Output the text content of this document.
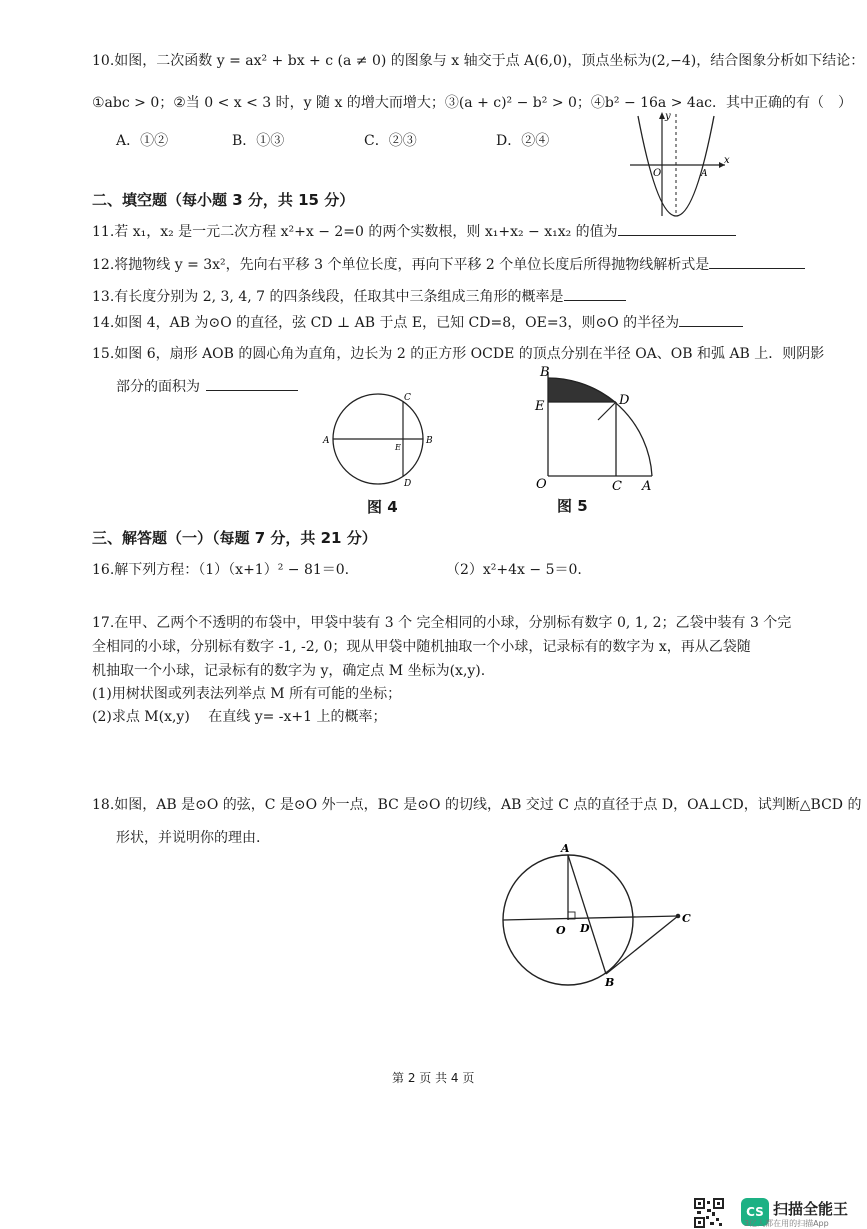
10.如图，二次函数 y = ax² + bx + c (a ≠ 0) 的图象与 x 轴交于点 A(6,0)，顶点坐标为(2,−4)，结合图象分析如下结论：
①abc > 0；②当 0 < x < 3 时，y 随 x 的增大而增大；③(a + c)² − b² > 0；④b² − 16a > 4ac．其中正确的有（　）
A．①②	B．①③	C．②③	D．②④
y
O	A
x
二、填空题（每小题 3 分，共 15 分）
11.若 x₁，x₂ 是一元二次方程 x²+x − 2=0 的两个实数根，则 x₁+x₂ − x₁x₂ 的值为
12.将抛物线 y = 3x²，先向右平移 3 个单位长度，再向下平移 2 个单位长度后所得抛物线解析式是
13.有长度分别为 2, 3, 4, 7 的四条线段，任取其中三条组成三角形的概率是
14.如图 4，AB 为⊙O 的直径，弦 CD ⊥ AB 于点 E，已知 CD=8，OE=3，则⊙O 的半径为
15.如图 6，扇形 AOB 的圆心角为直角，边长为 2 的正方形 OCDE 的顶点分别在半径 OA、OB 和弧 AB 上．则阴影
部分的面积为
A	B
C
D
E
图 4
B
E	D
O	C A
图 5
三、解答题（一）（每题 7 分，共 21 分）
16.解下列方程：（1）（x+1）² − 81＝0.	（2）x²+4x − 5＝0.
17.在甲、乙两个不透明的布袋中，甲袋中装有 3 个 完全相同的小球，分别标有数字 0, 1, 2；乙袋中装有 3 个完
全相同的小球，分别标有数字 -1, -2, 0；现从甲袋中随机抽取一个小球，记录标有的数字为 x，再从乙袋随
机抽取一个小球，记录标有的数字为 y，确定点 M 坐标为(x,y).
(1)用树状图或列表法列举点 M 所有可能的坐标；
(2)求点 M(x,y)　 在直线 y= -x+1 上的概率；
18.如图，AB 是⊙O 的弦，C 是⊙O 外一点，BC 是⊙O 的切线，AB 交过 C 点的直径于点 D，OA⊥CD，试判断△BCD 的
形状，并说明你的理由.
A
O D
C
B
第 2 页 共 4 页
CS 扫描全能王
3亿人都在用的扫描App
